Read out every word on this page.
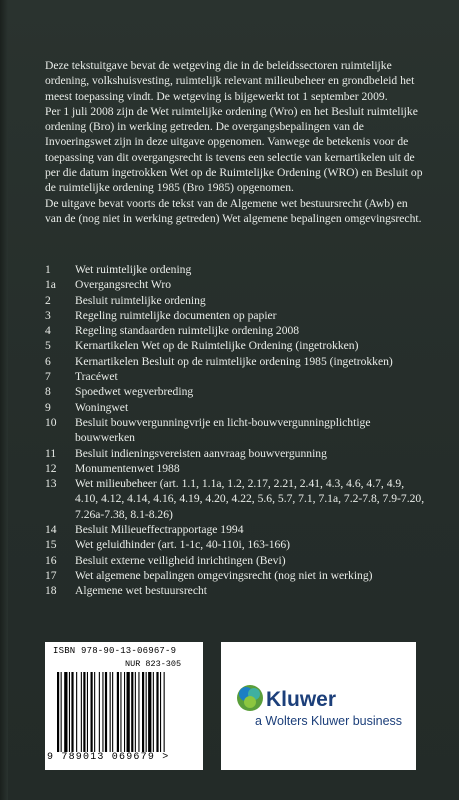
Deze tekstuitgave bevat de wetgeving die in de beleidssectoren ruimtelijke ordening, volkshuisvesting, ruimtelijk relevant milieubeheer en grondbeleid het meest toepassing vindt. De wetgeving is bijgewerkt tot 1 september 2009.

Per 1 juli 2008 zijn de Wet ruimtelijke ordening (Wro) en het Besluit ruimtelijke ordening (Bro) in werking getreden. De overgangsbepalingen van de Invoeringswet zijn in deze uitgave opgenomen. Vanwege de betekenis voor de toepassing van dit overgangsrecht is tevens een selectie van kernartikelen uit de per die datum ingetrokken Wet op de Ruimtelijke Ordening (WRO) en Besluit op de ruimtelijke ordening 1985 (Bro 1985) opgenomen.

De uitgave bevat voorts de tekst van de Algemene wet bestuursrecht (Awb) en van de (nog niet in werking getreden) Wet algemene bepalingen omgevingsrecht.

1	Wet ruimtelijke ordening
1a	Overgangsrecht Wro
2	Besluit ruimtelijke ordening
3	Regeling ruimtelijke documenten op papier
4	Regeling standaarden ruimtelijke ordening 2008
5	Kernartikelen Wet op de Ruimtelijke Ordening (ingetrokken)
6	Kernartikelen Besluit op de ruimtelijke ordening 1985 (ingetrokken)
7	Tracéwet
8	Spoedwet wegverbreding
9	Woningwet
10	Besluit bouwvergunningvrije en licht-bouwvergunningplichtige bouwwerken
11	Besluit indieningsvereisten aanvraag bouwvergunning
12	Monumentenwet 1988
13	Wet milieubeheer (art. 1.1, 1.1a, 1.2, 2.17, 2.21, 2.41, 4.3, 4.6, 4.7, 4.9, 4.10, 4.12, 4.14, 4.16, 4.19, 4.20, 4.22, 5.6, 5.7, 7.1, 7.1a, 7.2-7.8, 7.9-7.20, 7.26a-7.38, 8.1-8.26)
14	Besluit Milieueffectrapportage 1994
15	Wet geluidhinder (art. 1-1c, 40-110i, 163-166)
16	Besluit externe veiligheid inrichtingen (Bevi)
17	Wet algemene bepalingen omgevingsrecht (nog niet in werking)
18	Algemene wet bestuursrecht
ISBN 978-90-13-06967-9
NUR 823-305
9 789013 069679 >
Kluwer
a Wolters Kluwer business
